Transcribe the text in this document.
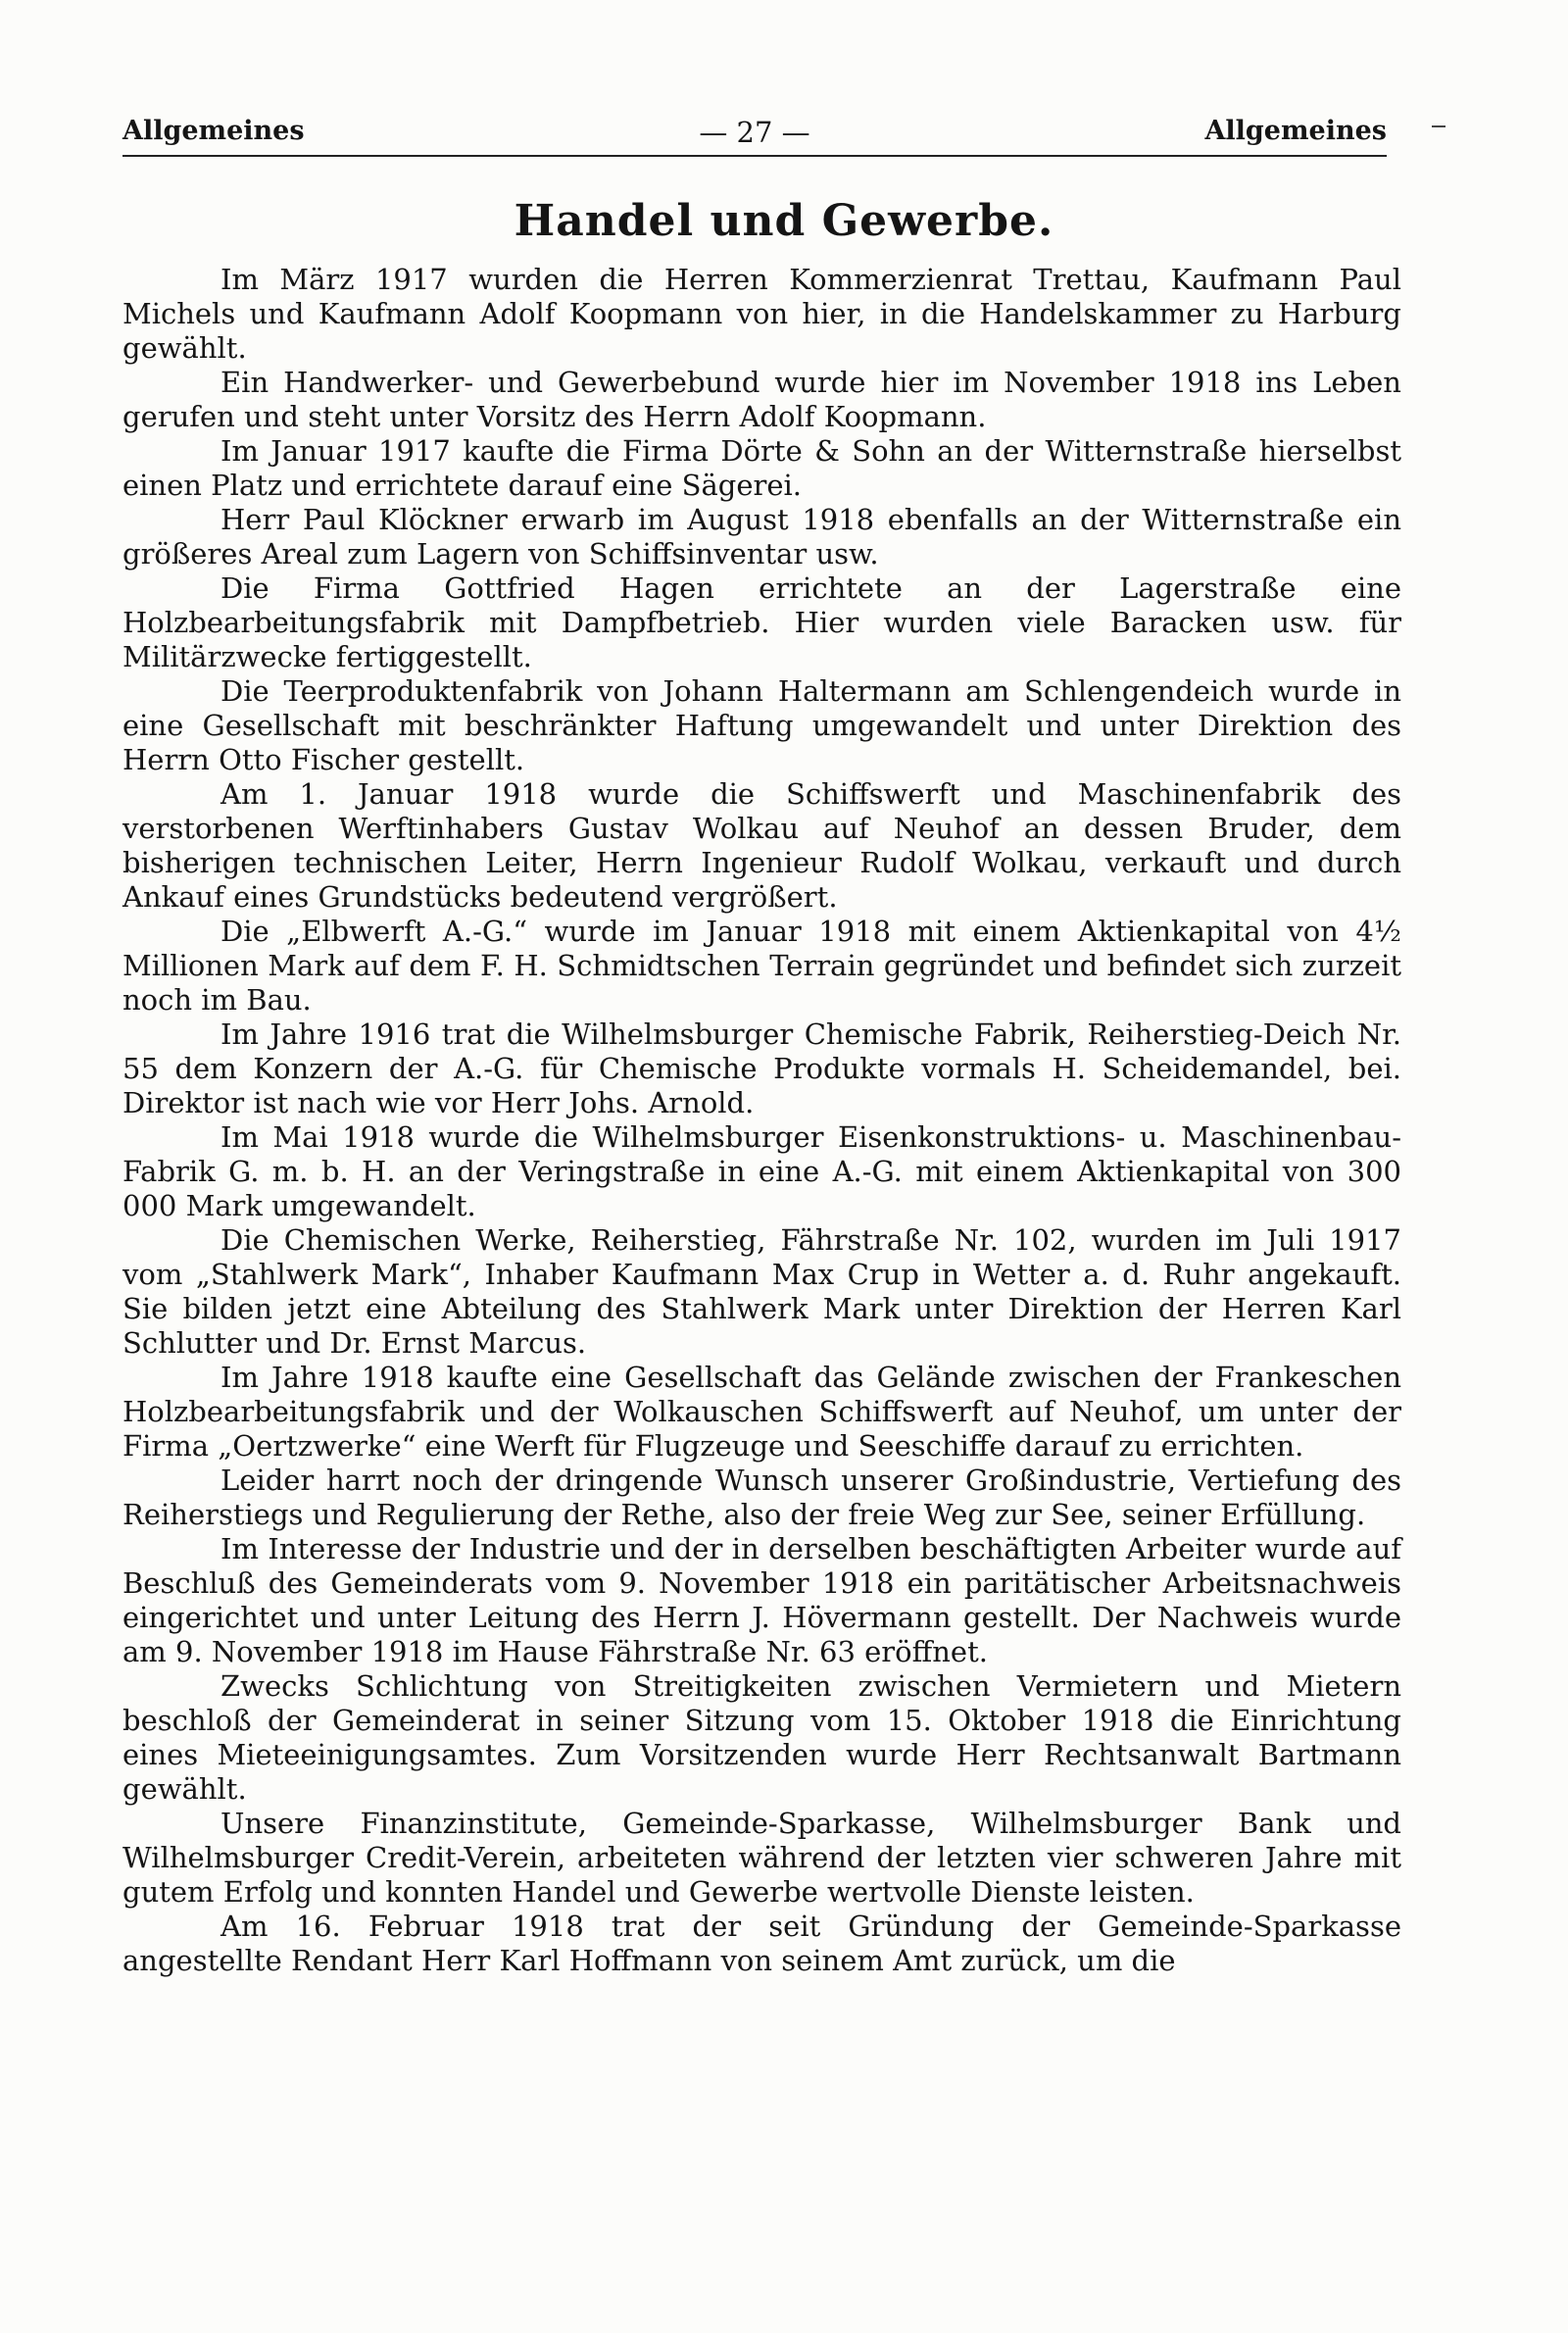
Allgemeines	— 27 —	Allgemeines
Handel und Gewerbe.

Im März 1917 wurden die Herren Kommerzienrat Trettau, Kaufmann Paul Michels und Kaufmann Adolf Koopmann von hier, in die Handelskammer zu Harburg gewählt.

Ein Handwerker- und Gewerbebund wurde hier im November 1918 ins Leben gerufen und steht unter Vorsitz des Herrn Adolf Koopmann.

Im Januar 1917 kaufte die Firma Dörte & Sohn an der Witternstraße hierselbst einen Platz und errichtete darauf eine Sägerei.

Herr Paul Klöckner erwarb im August 1918 ebenfalls an der Witternstraße ein größeres Areal zum Lagern von Schiffsinventar usw.

Die Firma Gottfried Hagen errichtete an der Lagerstraße eine Holzbearbeitungsfabrik mit Dampfbetrieb. Hier wurden viele Baracken usw. für Militärzwecke fertiggestellt.

Die Teerproduktenfabrik von Johann Haltermann am Schlengendeich wurde in eine Gesellschaft mit beschränkter Haftung umgewandelt und unter Direktion des Herrn Otto Fischer gestellt.

Am 1. Januar 1918 wurde die Schiffswerft und Maschinenfabrik des verstorbenen Werftinhabers Gustav Wolkau auf Neuhof an dessen Bruder, dem bisherigen technischen Leiter, Herrn Ingenieur Rudolf Wolkau, verkauft und durch Ankauf eines Grundstücks bedeutend vergrößert.

Die „Elbwerft A.-G.“ wurde im Januar 1918 mit einem Aktienkapital von 4½ Millionen Mark auf dem F. H. Schmidtschen Terrain gegründet und befindet sich zurzeit noch im Bau.

Im Jahre 1916 trat die Wilhelmsburger Chemische Fabrik, Reiherstieg-Deich Nr. 55 dem Konzern der A.-G. für Chemische Produkte vormals H. Scheidemandel, bei. Direktor ist nach wie vor Herr Johs. Arnold.

Im Mai 1918 wurde die Wilhelmsburger Eisenkonstruktions- u. Maschinenbau-Fabrik G. m. b. H. an der Veringstraße in eine A.-G. mit einem Aktienkapital von 300 000 Mark umgewandelt.

Die Chemischen Werke, Reiherstieg, Fährstraße Nr. 102, wurden im Juli 1917 vom „Stahlwerk Mark“, Inhaber Kaufmann Max Crup in Wetter a. d. Ruhr angekauft. Sie bilden jetzt eine Abteilung des Stahlwerk Mark unter Direktion der Herren Karl Schlutter und Dr. Ernst Marcus.

Im Jahre 1918 kaufte eine Gesellschaft das Gelände zwischen der Frankeschen Holzbearbeitungsfabrik und der Wolkauschen Schiffswerft auf Neuhof, um unter der Firma „Oertzwerke“ eine Werft für Flugzeuge und Seeschiffe darauf zu errichten.

Leider harrt noch der dringende Wunsch unserer Großindustrie, Vertiefung des Reiherstiegs und Regulierung der Rethe, also der freie Weg zur See, seiner Erfüllung.

Im Interesse der Industrie und der in derselben beschäftigten Arbeiter wurde auf Beschluß des Gemeinderats vom 9. November 1918 ein paritätischer Arbeitsnachweis eingerichtet und unter Leitung des Herrn J. Hövermann gestellt. Der Nachweis wurde am 9. November 1918 im Hause Fährstraße Nr. 63 eröffnet.

Zwecks Schlichtung von Streitigkeiten zwischen Vermietern und Mietern beschloß der Gemeinderat in seiner Sitzung vom 15. Oktober 1918 die Einrichtung eines Mieteeinigungsamtes. Zum Vorsitzenden wurde Herr Rechtsanwalt Bartmann gewählt.

Unsere Finanzinstitute, Gemeinde-Sparkasse, Wilhelmsburger Bank und Wilhelmsburger Credit-Verein, arbeiteten während der letzten vier schweren Jahre mit gutem Erfolg und konnten Handel und Gewerbe wertvolle Dienste leisten.

Am 16. Februar 1918 trat der seit Gründung der Gemeinde-Sparkasse angestellte Rendant Herr Karl Hoffmann von seinem Amt zurück, um die
